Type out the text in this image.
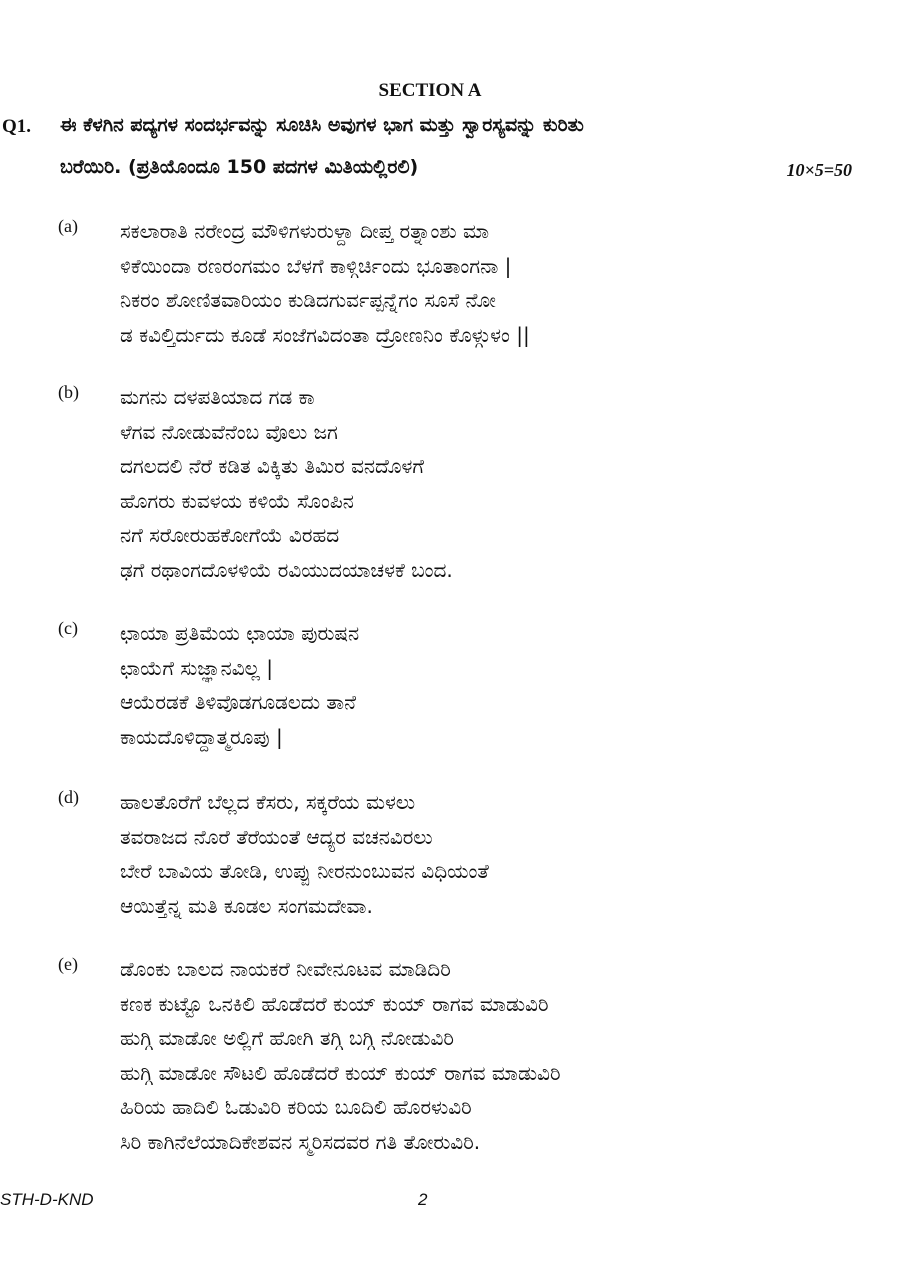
SECTION A
Q1. ಈ ಕೆಳಗಿನ ಪದ್ಯಗಳ ಸಂದರ್ಭವನ್ನು ಸೂಚಿಸಿ ಅವುಗಳ ಭಾಗ ಮತ್ತು ಸ್ವಾರಸ್ಯವನ್ನು ಕುರಿತು
ಬರೆಯಿರಿ. (ಪ್ರತಿಯೊಂದೂ 150 ಪದಗಳ ಮಿತಿಯಲ್ಲಿರಲಿ)	10×5=50
(a) ಸಕಲಾರಾತಿ ನರೇಂದ್ರ ಮೌಳಿಗಳುರುಳ್ದಾ ದೀಪ್ತ ರತ್ನಾಂಶು ಮಾ
ಳಿಕೆಯಿಂದಾ ರಣರಂಗಮಂ ಬೆಳಗೆ ಕಾಳ್ಗಿರ್ಚಿಂದು ಭೂತಾಂಗನಾ |
ನಿಕರಂ ಶೋಣಿತವಾರಿಯಂ ಕುಡಿದಗುರ್ವಪ್ಪನ್ನೆಗಂ ಸೂಸೆ ನೋ
ಡ ಕವಿಲ್ತಿರ್ದುದು ಕೂಡೆ ಸಂಜೆಗವಿದಂತಾ ದ್ರೋಣನಿಂ ಕೊಳ್ಗುಳಂ ||
(b) ಮಗನು ದಳಪತಿಯಾದ ಗಡ ಕಾ
ಳೆಗವ ನೋಡುವೆನೆಂಬ ವೊಲು ಜಗ
ದಗಲದಲಿ ನೆರೆ ಕಡಿತ ವಿಕ್ಕಿತು ತಿಮಿರ ವನದೊಳಗೆ
ಹೊಗರು ಕುವಳಯ ಕಳಿಯೆ ಸೊಂಪಿನ
ನಗೆ ಸರೋರುಹಕೋಗೆಯೆ ವಿರಹದ
ಢಗೆ ರಥಾಂಗದೊಳಳಿಯೆ ರವಿಯುದಯಾಚಳಕೆ ಬಂದ.
(c) ಛಾಯಾ ಪ್ರತಿಮೆಯ ಛಾಯಾ ಪುರುಷನ
ಛಾಯೆಗೆ ಸುಜ್ಞಾನವಿಲ್ಲ |
ಆಯೆರಡಕೆ ತಿಳಿವೊಡಗೂಡಲದು ತಾನೆ
ಕಾಯದೊಳಿದ್ದಾತ್ಮರೂಪು |
(d) ಹಾಲತೊರೆಗೆ ಬೆಲ್ಲದ ಕೆಸರು, ಸಕ್ಕರೆಯ ಮಳಲು
ತವರಾಜದ ನೊರೆ ತೆರೆಯಂತೆ ಆದ್ಯರ ವಚನವಿರಲು
ಬೇರೆ ಬಾವಿಯ ತೋಡಿ, ಉಪ್ಪು ನೀರನುಂಬುವನ ವಿಧಿಯಂತೆ
ಆಯಿತ್ತೆನ್ನ ಮತಿ ಕೂಡಲ ಸಂಗಮದೇವಾ.
(e) ಡೊಂಕು ಬಾಲದ ನಾಯಕರೆ ನೀವೇನೂಟವ ಮಾಡಿದಿರಿ
ಕಣಕ ಕುಟ್ಟೊ ಒನಕಿಲಿ ಹೊಡೆದರೆ ಕುಯ್ ಕುಯ್ ರಾಗವ ಮಾಡುವಿರಿ
ಹುಗ್ಗಿ ಮಾಡೋ ಅಲ್ಲಿಗೆ ಹೋಗಿ ತಗ್ಗಿ ಬಗ್ಗಿ ನೋಡುವಿರಿ
ಹುಗ್ಗಿ ಮಾಡೋ ಸೌಟಲಿ ಹೊಡೆದರೆ ಕುಯ್ ಕುಯ್ ರಾಗವ ಮಾಡುವಿರಿ
ಹಿರಿಯ ಹಾದಿಲಿ ಓಡುವಿರಿ ಕರಿಯ ಬೂದಿಲಿ ಹೊರಳುವಿರಿ
ಸಿರಿ ಕಾಗಿನೆಲೆಯಾದಿಕೇಶವನ ಸ್ಮರಿಸದವರ ಗತಿ ತೋರುವಿರಿ.
STH-D-KND	2
